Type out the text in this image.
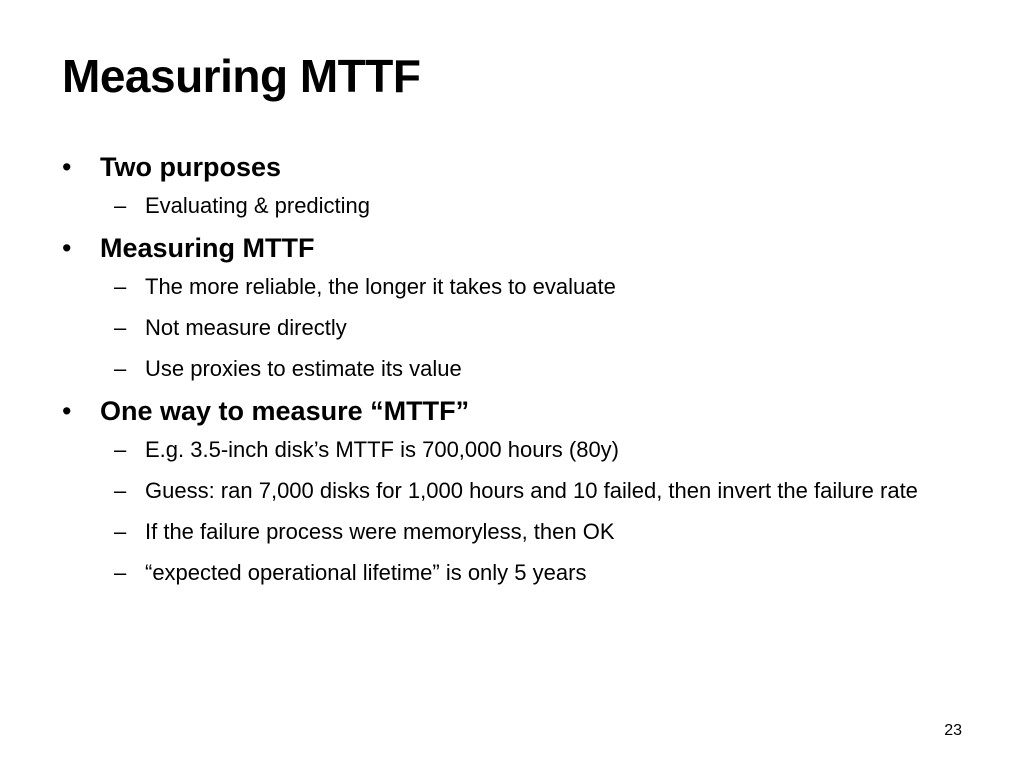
Measuring MTTF
• Two purposes
– Evaluating & predicting
• Measuring MTTF
– The more reliable, the longer it takes to evaluate
– Not measure directly
– Use proxies to estimate its value
• One way to measure “MTTF”
– E.g. 3.5-inch disk’s MTTF is 700,000 hours (80y)
– Guess: ran 7,000 disks for 1,000 hours and 10 failed, then invert the failure rate
– If the failure process were memoryless, then OK
– “expected operational lifetime” is only 5 years
23
